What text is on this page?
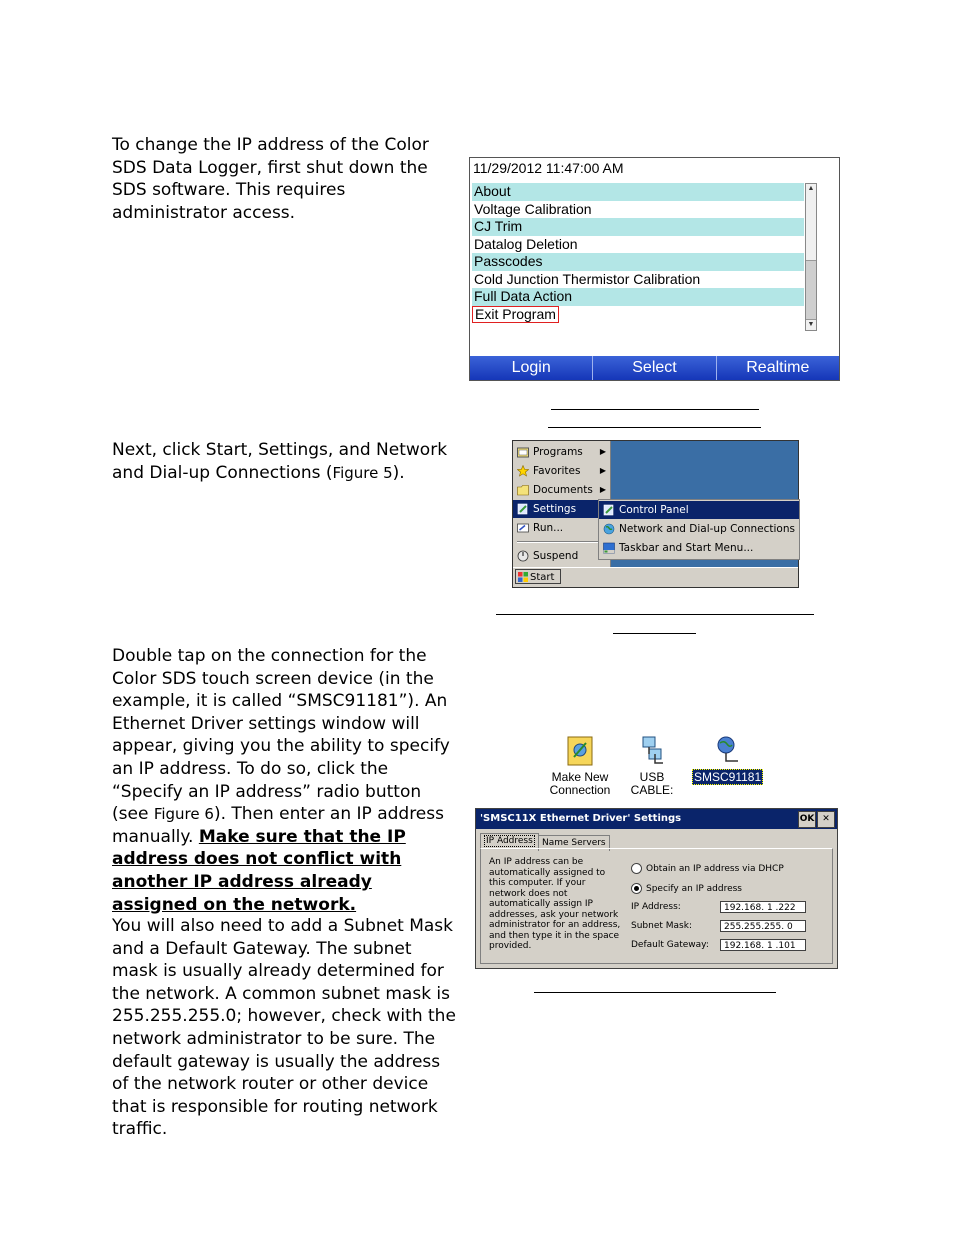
To change the IP address of the Color SDS Data Logger, first shut down the SDS software. This requires administrator access.
11/29/2012 11:47:00 AM
About
Voltage Calibration
CJ Trim
Datalog Deletion
Passcodes
Cold Junction Thermistor Calibration
Full Data Action
Exit Program
▲
▼
Login	Select	Realtime
Next, click Start, Settings, and Network and Dial-up Connections (Figure 5).
Programs ▶
Favorites ▶
Documents ▶
Settings
Run...
Suspend
Control Panel
Network and Dial-up Connections
Taskbar and Start Menu...
Start
Double tap on the connection for the Color SDS touch screen device (in the example, it is called “SMSC91181”). An Ethernet Driver settings window will appear, giving you the ability to specify an IP address. To do so, click the “Specify an IP address” radio button (see Figure 6). Then enter an IP address manually. Make sure that the IP address does not conflict with another IP address already assigned on the network.
You will also need to add a Subnet Mask and a Default Gateway. The subnet mask is usually already determined for the network. A common subnet mask is 255.255.255.0; however, check with the network administrator to be sure. The default gateway is usually the address of the network router or other device that is responsible for routing network traffic.
Make New
Connection
USB CABLE:
SMSC91181
'SMSC11X Ethernet Driver' Settings	OK ✕
IP Address	Name Servers
An IP address can be automatically assigned to this computer. If your network does not automatically assign IP addresses, ask your network administrator for an address, and then type it in the space provided.
Obtain an IP address via DHCP
Specify an IP address
IP Address:	192.168. 1 .222
Subnet Mask:	255.255.255. 0
Default Gateway:	192.168. 1 .101
